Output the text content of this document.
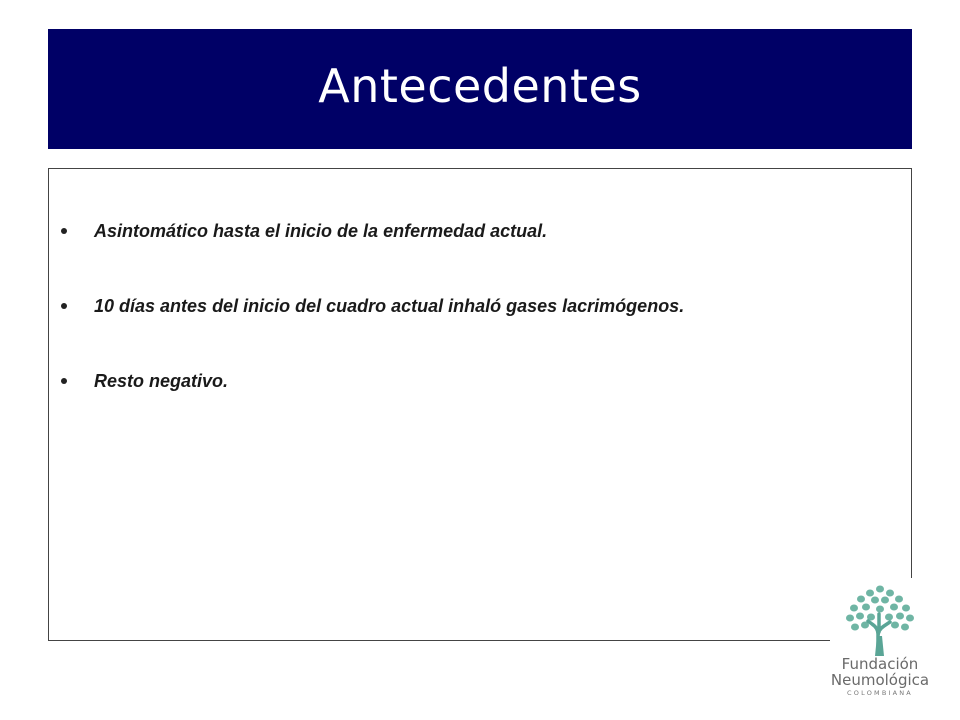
Antecedentes
Asintomático hasta el inicio de la enfermedad actual.
10 días antes del inicio del cuadro actual inhaló gases lacrimógenos.
Resto negativo.
Fundación
Neumológica
COLOMBIANA
